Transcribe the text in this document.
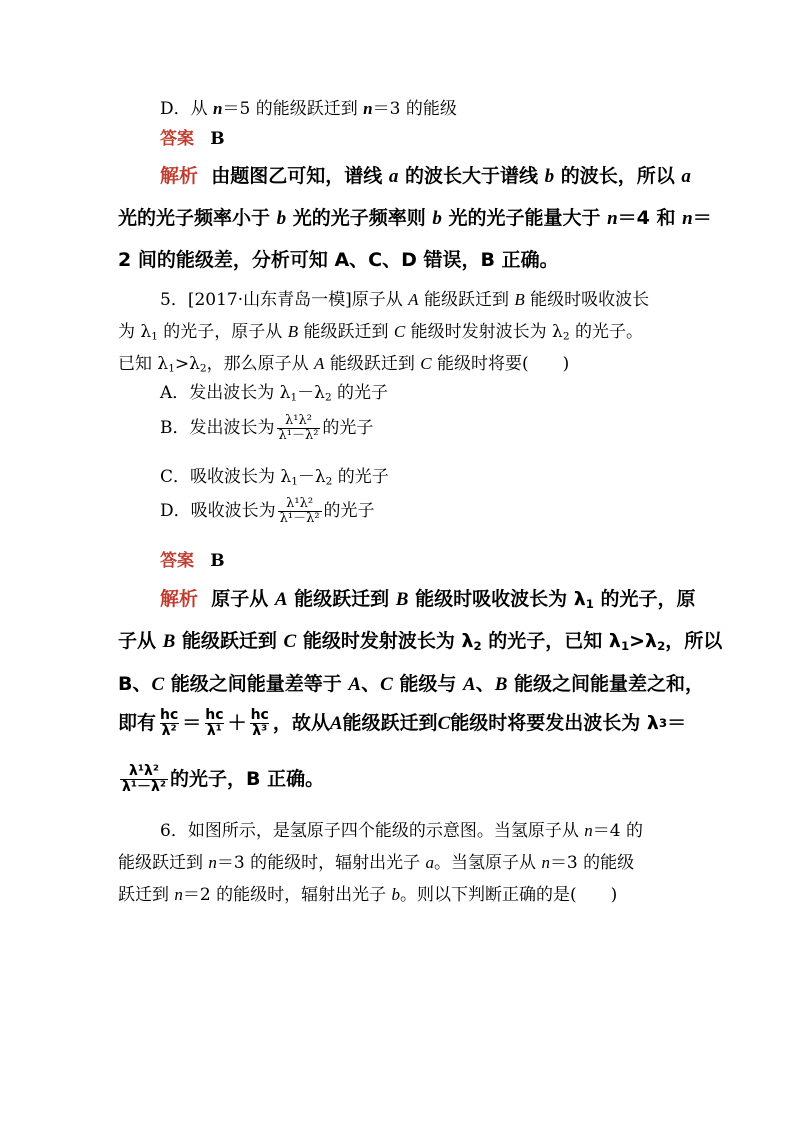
D．从 n＝5 的能级跃迁到 n＝3 的能级
答案 B
解析 由题图乙可知，谱线 a 的波长大于谱线 b 的波长，所以 a
光的光子频率小于 b 光的光子频率则 b 光的光子能量大于 n＝4 和 n＝
2 间的能级差，分析可知 A、C、D 错误，B 正确。
5．[2017·山东青岛一模]原子从 A 能级跃迁到 B 能级时吸收波长
为 $\lambda_1$ 的光子，原子从 B 能级跃迁到 C 能级时发射波长为 $\lambda_2$ 的光子。
已知 $\lambda_1>\lambda_2$，那么原子从 A 能级跃迁到 C 能级时将要(　　)
A．发出波长为 $\lambda_1-\lambda_2$ 的光子
B．发出波长为 $\frac{\text{λ¹λ²}}{\text{λ¹－λ²}}$ 的光子
C．吸收波长为 $\lambda_1-\lambda_2$ 的光子
D．吸收波长为 $\frac{\text{λ¹λ²}}{\text{λ¹－λ²}}$ 的光子
答案 B
解析 原子从 A 能级跃迁到 B 能级时吸收波长为 $\lambda_1$ 的光子，原
子从 B 能级跃迁到 C 能级时发射波长为 $\lambda_2$ 的光子，已知 $\lambda_1>\lambda_2$，所以
B、C 能级之间能量差等于 A、C 能级与 A、B 能级之间能量差之和，
即有 $\frac{hc}{\text{λ²}} = \frac{hc}{\text{λ¹}} + \frac{hc}{\text{λ³}}$ ，故从 A 能级跃迁到 C 能级时将要发出波长为 λ 3 ＝
$\frac{\text{λ¹λ²}}{\text{λ¹－λ²}}$ 的光子，B 正确。
6．如图所示，是氢原子四个能级的示意图。当氢原子从 n＝4 的
能级跃迁到 n＝3 的能级时，辐射出光子 a。当氢原子从 n＝3 的能级
跃迁到 n＝2 的能级时，辐射出光子 b。则以下判断正确的是(　　)
